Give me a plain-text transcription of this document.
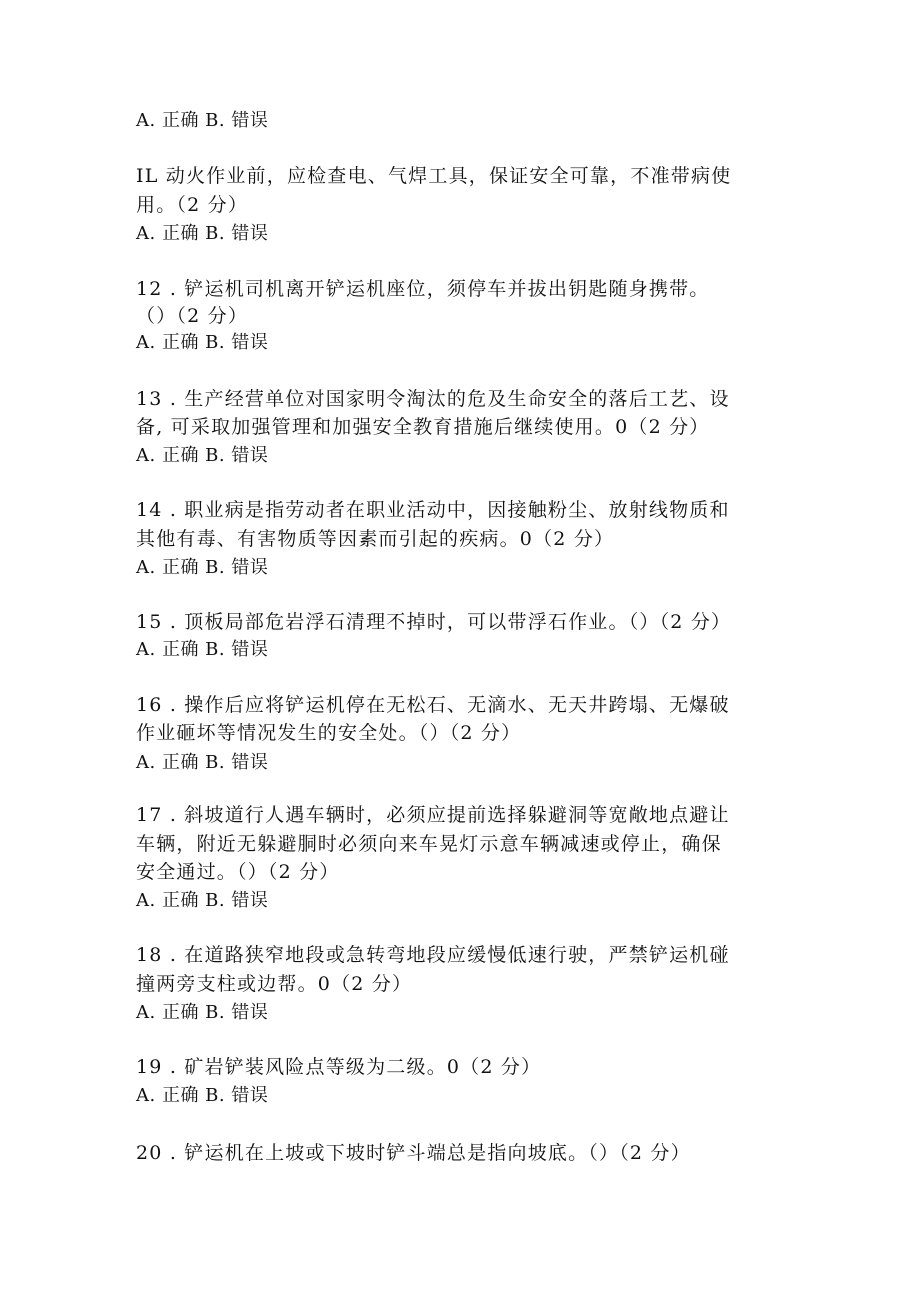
A. 正确 B. 错误
IL 动火作业前，应检查电、气焊工具，保证安全可靠，不准带病使
用。（2 分）
A. 正确 B. 错误
12 . 铲运机司机离开铲运机座位，须停车并拔出钥匙随身携带。
（）（2 分）
A. 正确 B. 错误
13 . 生产经营单位对国家明令淘汰的危及生命安全的落后工艺、设
备, 可采取加强管理和加强安全教育措施后继续使用。0（2 分）
A. 正确 B. 错误
14 . 职业病是指劳动者在职业活动中，因接触粉尘、放射线物质和
其他有毒、有害物质等因素而引起的疾病。0（2 分）
A. 正确 B. 错误
15 . 顶板局部危岩浮石清理不掉时，可以带浮石作业。（）（2 分）
A. 正确 B. 错误
16 . 操作后应将铲运机停在无松石、无滴水、无天井跨塌、无爆破
作业砸坏等情况发生的安全处。（）（2 分）
A. 正确 B. 错误
17 . 斜坡道行人遇车辆时，必须应提前选择躲避洞等宽敞地点避让
车辆，附近无躲避胴时必须向来车晃灯示意车辆减速或停止，确保
安全通过。（）（2 分）
A. 正确 B. 错误
18 . 在道路狭窄地段或急转弯地段应缓慢低速行驶，严禁铲运机碰
撞两旁支柱或边帮。0（2 分）
A. 正确 B. 错误
19 . 矿岩铲装风险点等级为二级。0（2 分）
A. 正确 B. 错误
20 . 铲运机在上坡或下坡时铲斗端总是指向坡底。（）（2 分）
